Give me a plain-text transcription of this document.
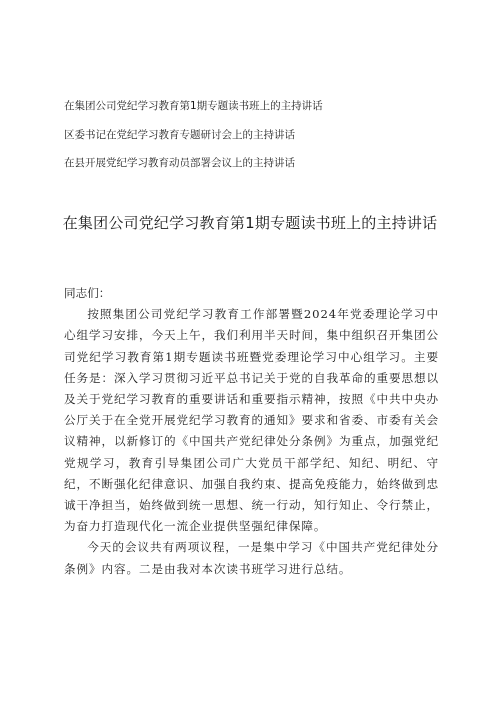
在集团公司党纪学习教育第1期专题读书班上的主持讲话
区委书记在党纪学习教育专题研讨会上的主持讲话
在县开展党纪学习教育动员部署会议上的主持讲话
在集团公司党纪学习教育第1期专题读书班上的主持讲话

同志们：

按照集团公司党纪学习教育工作部署暨2024年党委理论学习中心组学习安排，今天上午，我们利用半天时间，集中组织召开集团公司党纪学习教育第1期专题读书班暨党委理论学习中心组学习。主要任务是：深入学习贯彻习近平总书记关于党的自我革命的重要思想以及关于党纪学习教育的重要讲话和重要指示精神，按照《中共中央办公厅关于在全党开展党纪学习教育的通知》要求和省委、市委有关会议精神，以新修订的《中国共产党纪律处分条例》为重点，加强党纪党规学习，教育引导集团公司广大党员干部学纪、知纪、明纪、守纪，不断强化纪律意识、加强自我约束、提高免疫能力，始终做到忠诚干净担当，始终做到统一思想、统一行动，知行知止、令行禁止，为奋力打造现代化一流企业提供坚强纪律保障。

今天的会议共有两项议程，一是集中学习《中国共产党纪律处分条例》内容。二是由我对本次读书班学习进行总结。
